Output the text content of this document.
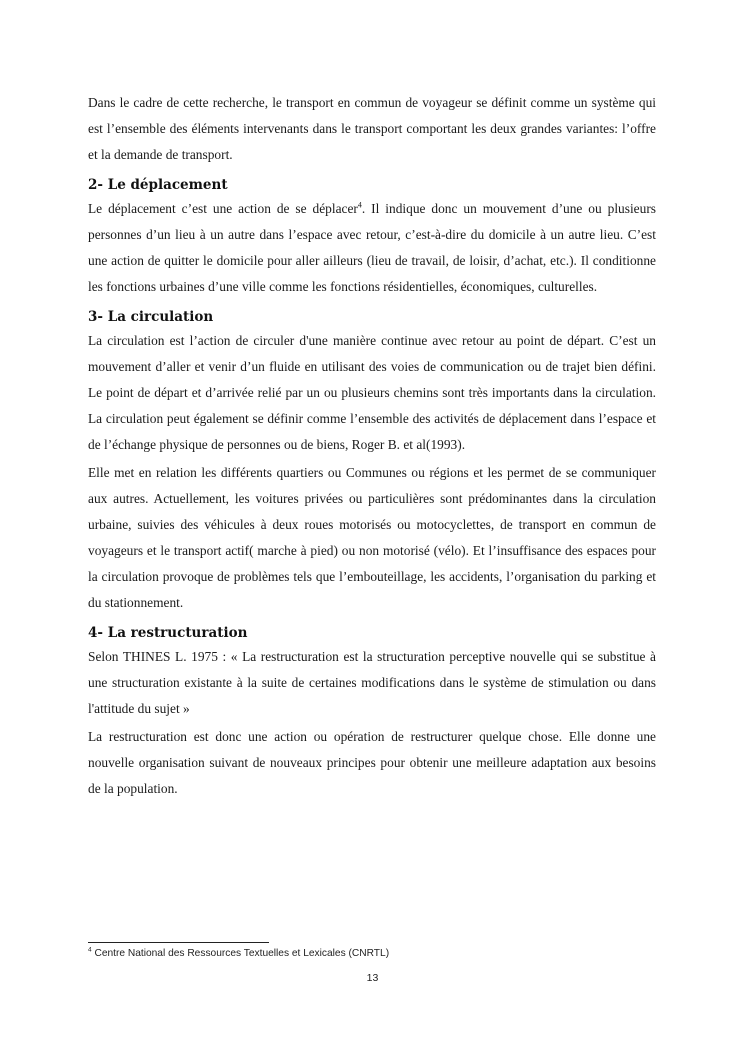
Dans le cadre de cette recherche, le transport en commun de voyageur se définit comme un système qui est l’ensemble des éléments intervenants dans le transport comportant les deux grandes variantes: l’offre et la demande de transport.

2- Le déplacement

Le déplacement c’est une action de se déplacer$^4$. Il indique donc un mouvement d’une ou plusieurs personnes d’un lieu à un autre dans l’espace avec retour, c’est-à-dire du domicile à un autre lieu. C’est une action de quitter le domicile pour aller ailleurs (lieu de travail, de loisir, d’achat, etc.). Il conditionne les fonctions urbaines d’une ville comme les fonctions résidentielles, économiques, culturelles.

3- La circulation

La circulation est l’action de circuler d'une manière continue avec retour au point de départ. C’est un mouvement d’aller et venir d’un fluide en utilisant des voies de communication ou de trajet bien défini. Le point de départ et d’arrivée relié par un ou plusieurs chemins sont très importants dans la circulation. La circulation peut également se définir comme l’ensemble des activités de déplacement dans l’espace et de l’échange physique de personnes ou de biens, Roger B. et al(1993).

Elle met en relation les différents quartiers ou Communes ou régions et les permet de se communiquer aux autres. Actuellement, les voitures privées ou particulières sont prédominantes dans la circulation urbaine, suivies des véhicules à deux roues motorisés ou motocyclettes, de transport en commun de voyageurs et le transport actif( marche à pied) ou non motorisé (vélo). Et l’insuffisance des espaces pour la circulation provoque de problèmes tels que l’embouteillage, les accidents, l’organisation du parking et du stationnement.

4- La restructuration

Selon THINES L. 1975 : « La restructuration est la structuration perceptive nouvelle qui se substitue à une structuration existante à la suite de certaines modifications dans le système de stimulation ou dans l'attitude du sujet »

La restructuration est donc une action ou opération de restructurer quelque chose. Elle donne une nouvelle organisation suivant de nouveaux principes pour obtenir une meilleure adaptation aux besoins de la population.

$^4$ Centre National des Ressources Textuelles et Lexicales (CNRTL)
13
